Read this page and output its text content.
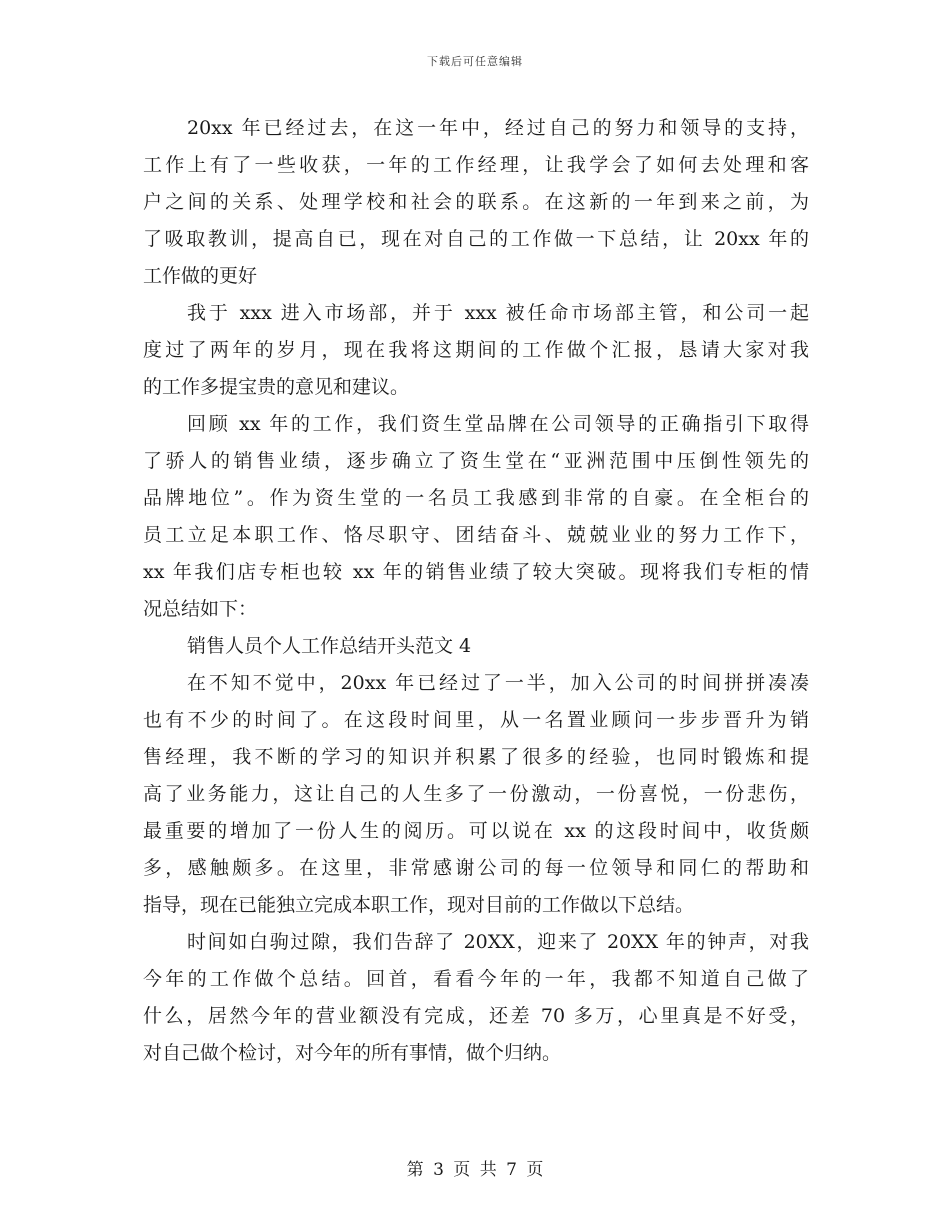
下载后可任意编辑
20xx 年已经过去，在这一年中，经过自己的努力和领导的支持，
工作上有了一些收获，一年的工作经理，让我学会了如何去处理和客
户之间的关系、处理学校和社会的联系。在这新的一年到来之前，为
了吸取教训，提高自已，现在对自己的工作做一下总结，让 20xx 年的
工作做的更好
我于 xxx 进入市场部，并于 xxx 被任命市场部主管，和公司一起
度过了两年的岁月，现在我将这期间的工作做个汇报，恳请大家对我
的工作多提宝贵的意见和建议。
回顾 xx 年的工作，我们资生堂品牌在公司领导的正确指引下取得
了骄人的销售业绩，逐步确立了资生堂在“亚洲范围中压倒性领先的
品牌地位”。作为资生堂的一名员工我感到非常的自豪。在全柜台的
员工立足本职工作、恪尽职守、团结奋斗、兢兢业业的努力工作下，
xx 年我们店专柜也较 xx 年的销售业绩了较大突破。现将我们专柜的情
况总结如下：
销售人员个人工作总结开头范文 4
在不知不觉中，20xx 年已经过了一半，加入公司的时间拼拼凑凑
也有不少的时间了。在这段时间里，从一名置业顾问一步步晋升为销
售经理，我不断的学习的知识并积累了很多的经验，也同时锻炼和提
高了业务能力，这让自己的人生多了一份激动，一份喜悦，一份悲伤，
最重要的增加了一份人生的阅历。可以说在 xx 的这段时间中，收货颇
多，感触颇多。在这里，非常感谢公司的每一位领导和同仁的帮助和
指导，现在已能独立完成本职工作，现对目前的工作做以下总结。
时间如白驹过隙，我们告辞了 20XX，迎来了 20XX 年的钟声，对我
今年的工作做个总结。回首，看看今年的一年，我都不知道自己做了
什么，居然今年的营业额没有完成，还差 70 多万，心里真是不好受，
对自己做个检讨，对今年的所有事情，做个归纳。
第 3 页 共 7 页
